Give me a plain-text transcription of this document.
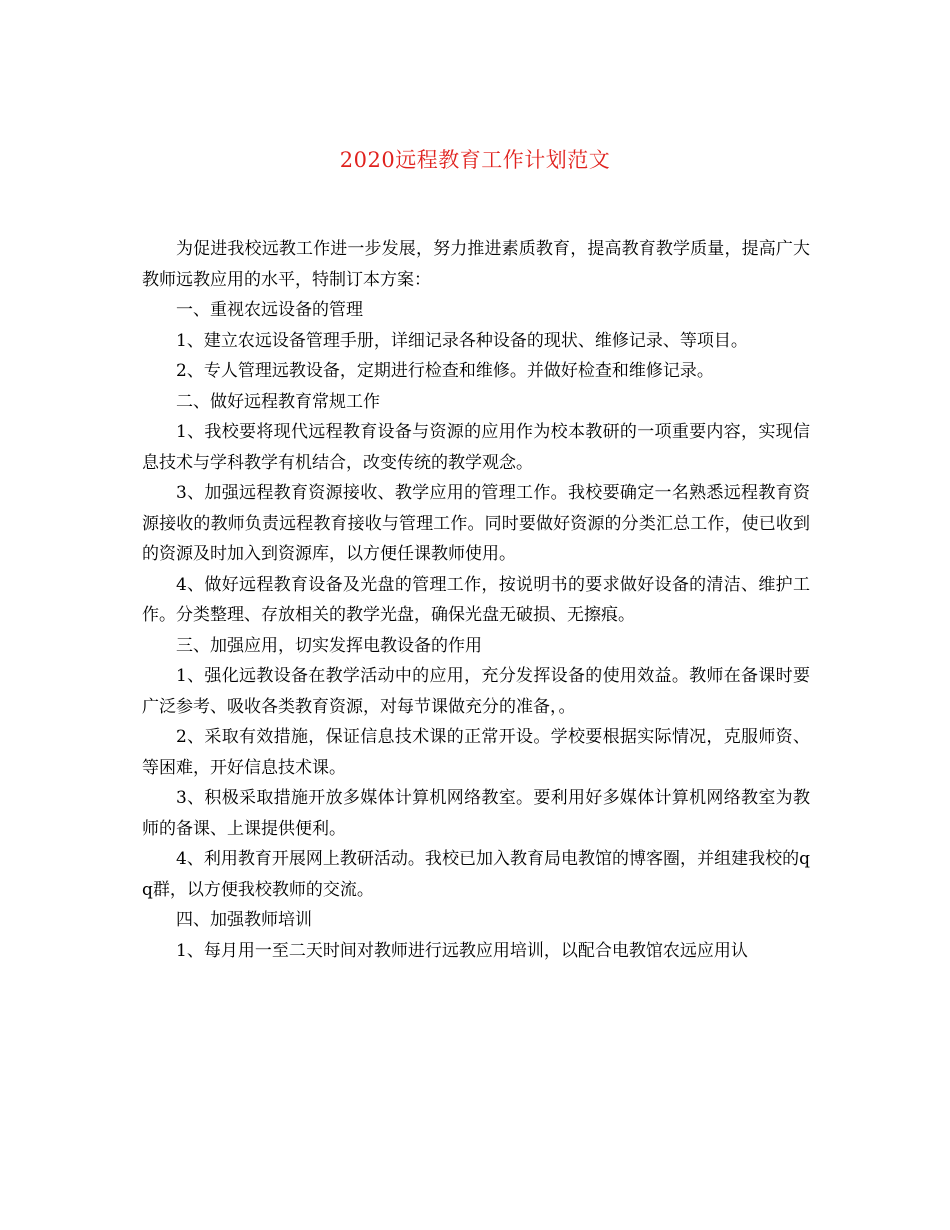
2020远程教育工作计划范文

为促进我校远教工作进一步发展，努力推进素质教育，提高教育教学质量，提高广大教师远教应用的水平，特制订本方案：

一、重视农远设备的管理

1、建立农远设备管理手册，详细记录各种设备的现状、维修记录、等项目。

2、专人管理远教设备，定期进行检查和维修。并做好检查和维修记录。

二、做好远程教育常规工作

1、我校要将现代远程教育设备与资源的应用作为校本教研的一项重要内容，实现信息技术与学科教学有机结合，改变传统的教学观念。

3、加强远程教育资源接收、教学应用的管理工作。我校要确定一名熟悉远程教育资源接收的教师负责远程教育接收与管理工作。同时要做好资源的分类汇总工作，使已收到的资源及时加入到资源库，以方便任课教师使用。

4、做好远程教育设备及光盘的管理工作，按说明书的要求做好设备的清洁、维护工作。分类整理、存放相关的教学光盘，确保光盘无破损、无擦痕。

三、加强应用，切实发挥电教设备的作用

1、强化远教设备在教学活动中的应用，充分发挥设备的使用效益。教师在备课时要广泛参考、吸收各类教育资源，对每节课做充分的准备，。

2、采取有效措施，保证信息技术课的正常开设。学校要根据实际情况，克服师资、等困难，开好信息技术课。

3、积极采取措施开放多媒体计算机网络教室。要利用好多媒体计算机网络教室为教师的备课、上课提供便利。

4、利用教育开展网上教研活动。我校已加入教育局电教馆的博客圈，并组建我校的qq群，以方便我校教师的交流。

四、加强教师培训

1、每月用一至二天时间对教师进行远教应用培训，以配合电教馆农远应用认
